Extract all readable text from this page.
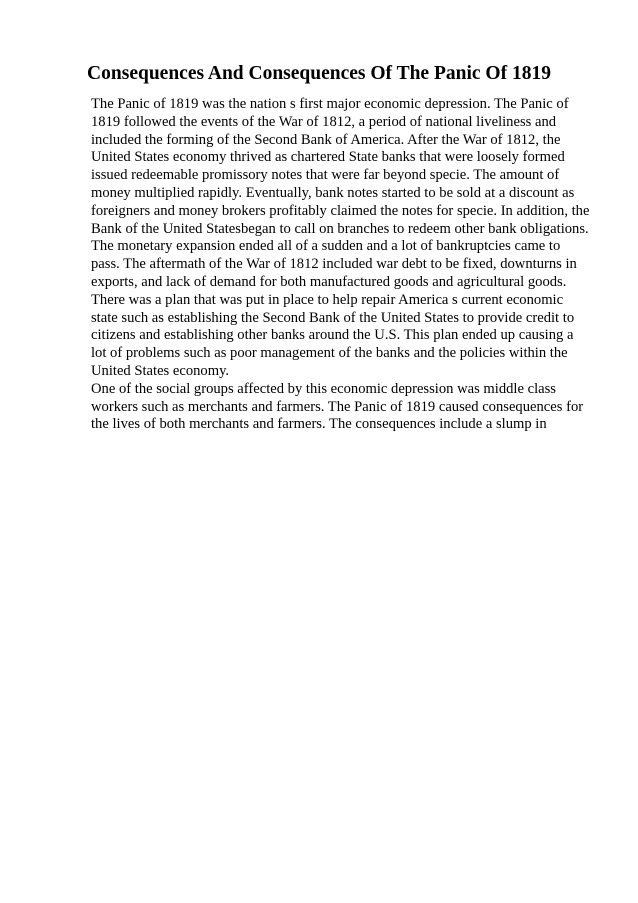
Consequences And Consequences Of The Panic Of 1819
The Panic of 1819 was the nation s first major economic depression. The Panic of
1819 followed the events of the War of 1812, a period of national liveliness and
included the forming of the Second Bank of America. After the War of 1812, the
United States economy thrived as chartered State banks that were loosely formed
issued redeemable promissory notes that were far beyond specie. The amount of
money multiplied rapidly. Eventually, bank notes started to be sold at a discount as
foreigners and money brokers profitably claimed the notes for specie. In addition, the
Bank of the United Statesbegan to call on branches to redeem other bank obligations.
The monetary expansion ended all of a sudden and a lot of bankruptcies came to
pass. The aftermath of the War of 1812 included war debt to be fixed, downturns in
exports, and lack of demand for both manufactured goods and agricultural goods.
There was a plan that was put in place to help repair America s current economic
state such as establishing the Second Bank of the United States to provide credit to
citizens and establishing other banks around the U.S. This plan ended up causing a
lot of problems such as poor management of the banks and the policies within the
United States economy.
One of the social groups affected by this economic depression was middle class
workers such as merchants and farmers. The Panic of 1819 caused consequences for
the lives of both merchants and farmers. The consequences include a slump in
